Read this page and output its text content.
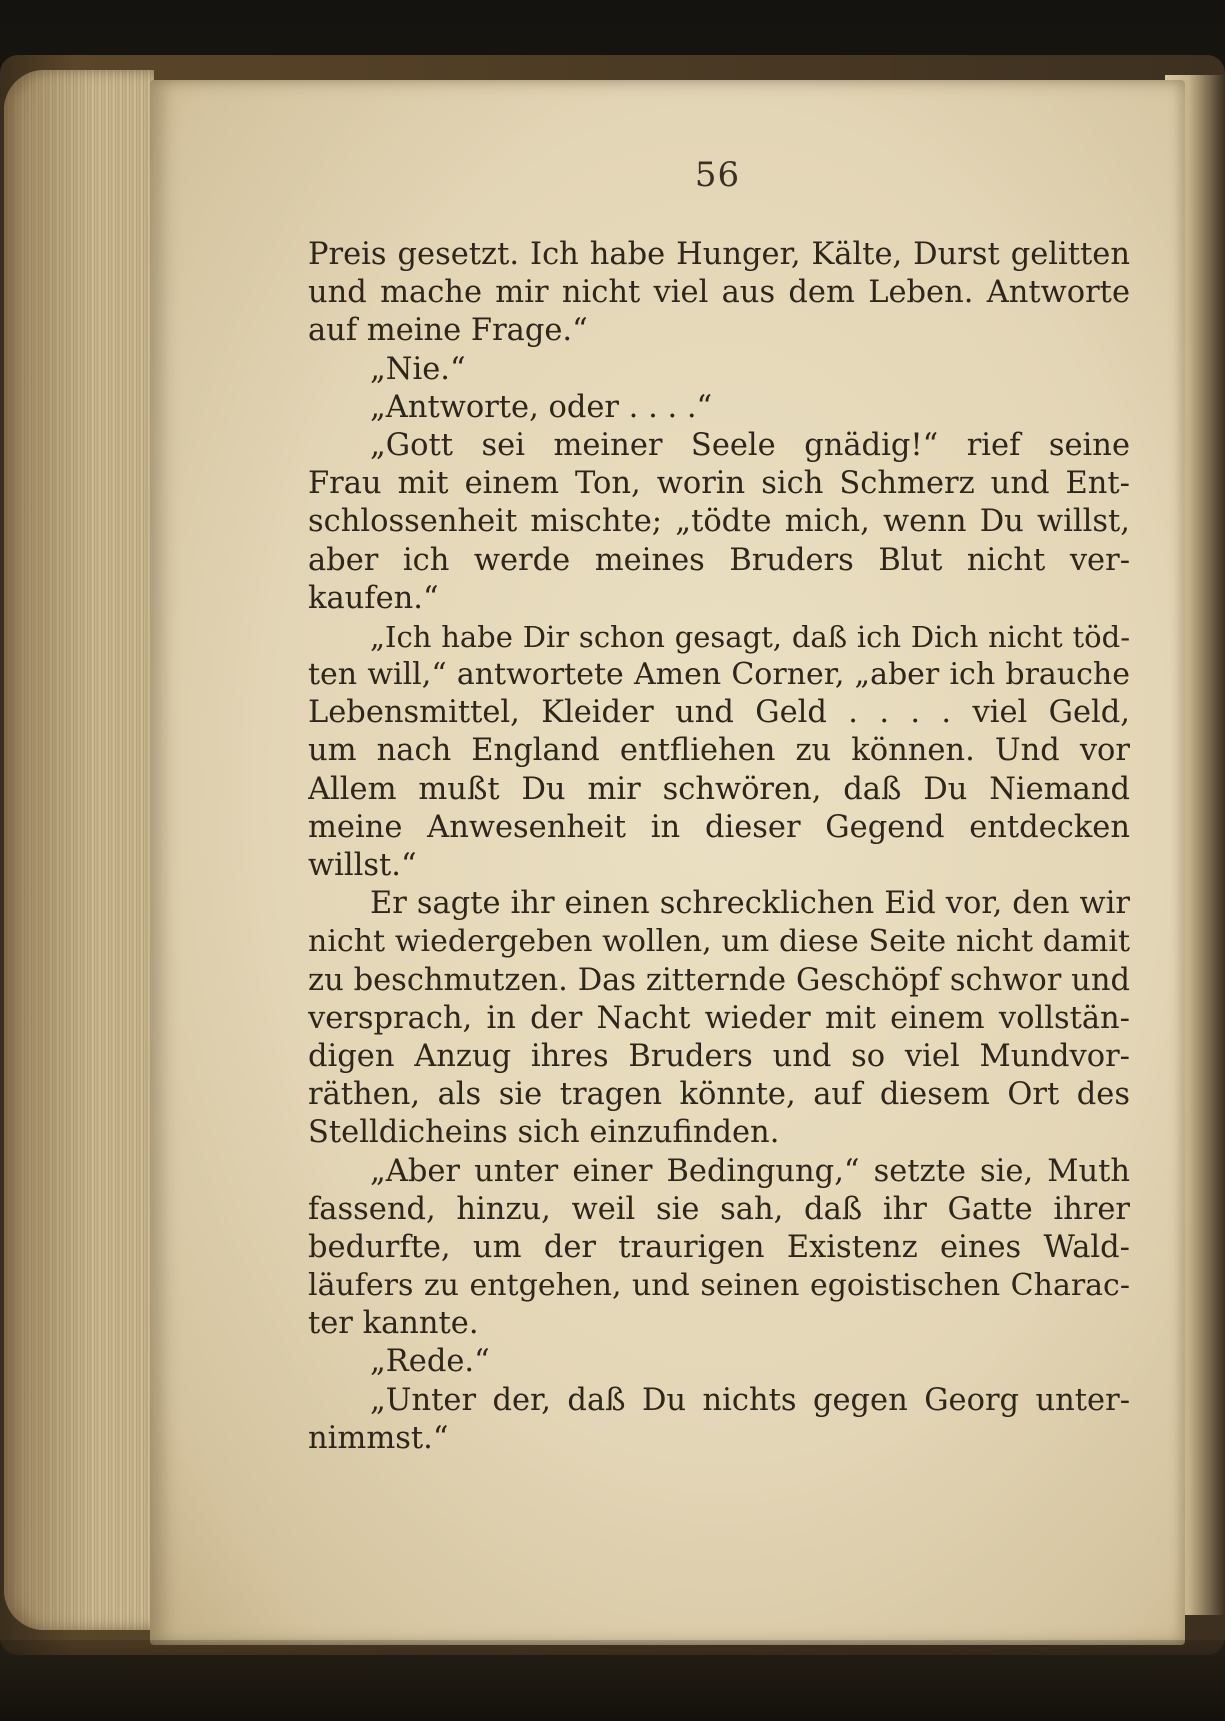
56
Preis gesetzt. Ich habe Hunger, Kälte, Durst gelitten
und mache mir nicht viel aus dem Leben. Antworte
auf meine Frage.“
„Nie.“
„Antworte, oder . . . .“
„Gott sei meiner Seele gnädig!“ rief seine
Frau mit einem Ton, worin sich Schmerz und Ent-
schlossenheit mischte; „tödte mich, wenn Du willst,
aber ich werde meines Bruders Blut nicht ver-
kaufen.“
„Ich habe Dir schon gesagt, daß ich Dich nicht töd-
ten will,“ antwortete Amen Corner, „aber ich brauche
Lebensmittel, Kleider und Geld . . . . viel Geld,
um nach England entfliehen zu können. Und vor
Allem mußt Du mir schwören, daß Du Niemand
meine Anwesenheit in dieser Gegend entdecken
willst.“
Er sagte ihr einen schrecklichen Eid vor, den wir
nicht wiedergeben wollen, um diese Seite nicht damit
zu beschmutzen. Das zitternde Geschöpf schwor und
versprach, in der Nacht wieder mit einem vollstän-
digen Anzug ihres Bruders und so viel Mundvor-
räthen, als sie tragen könnte, auf diesem Ort des
Stelldicheins sich einzufinden.
„Aber unter einer Bedingung,“ setzte sie, Muth
fassend, hinzu, weil sie sah, daß ihr Gatte ihrer
bedurfte, um der traurigen Existenz eines Wald-
läufers zu entgehen, und seinen egoistischen Charac-
ter kannte.
„Rede.“
„Unter der, daß Du nichts gegen Georg unter-
nimmst.“
